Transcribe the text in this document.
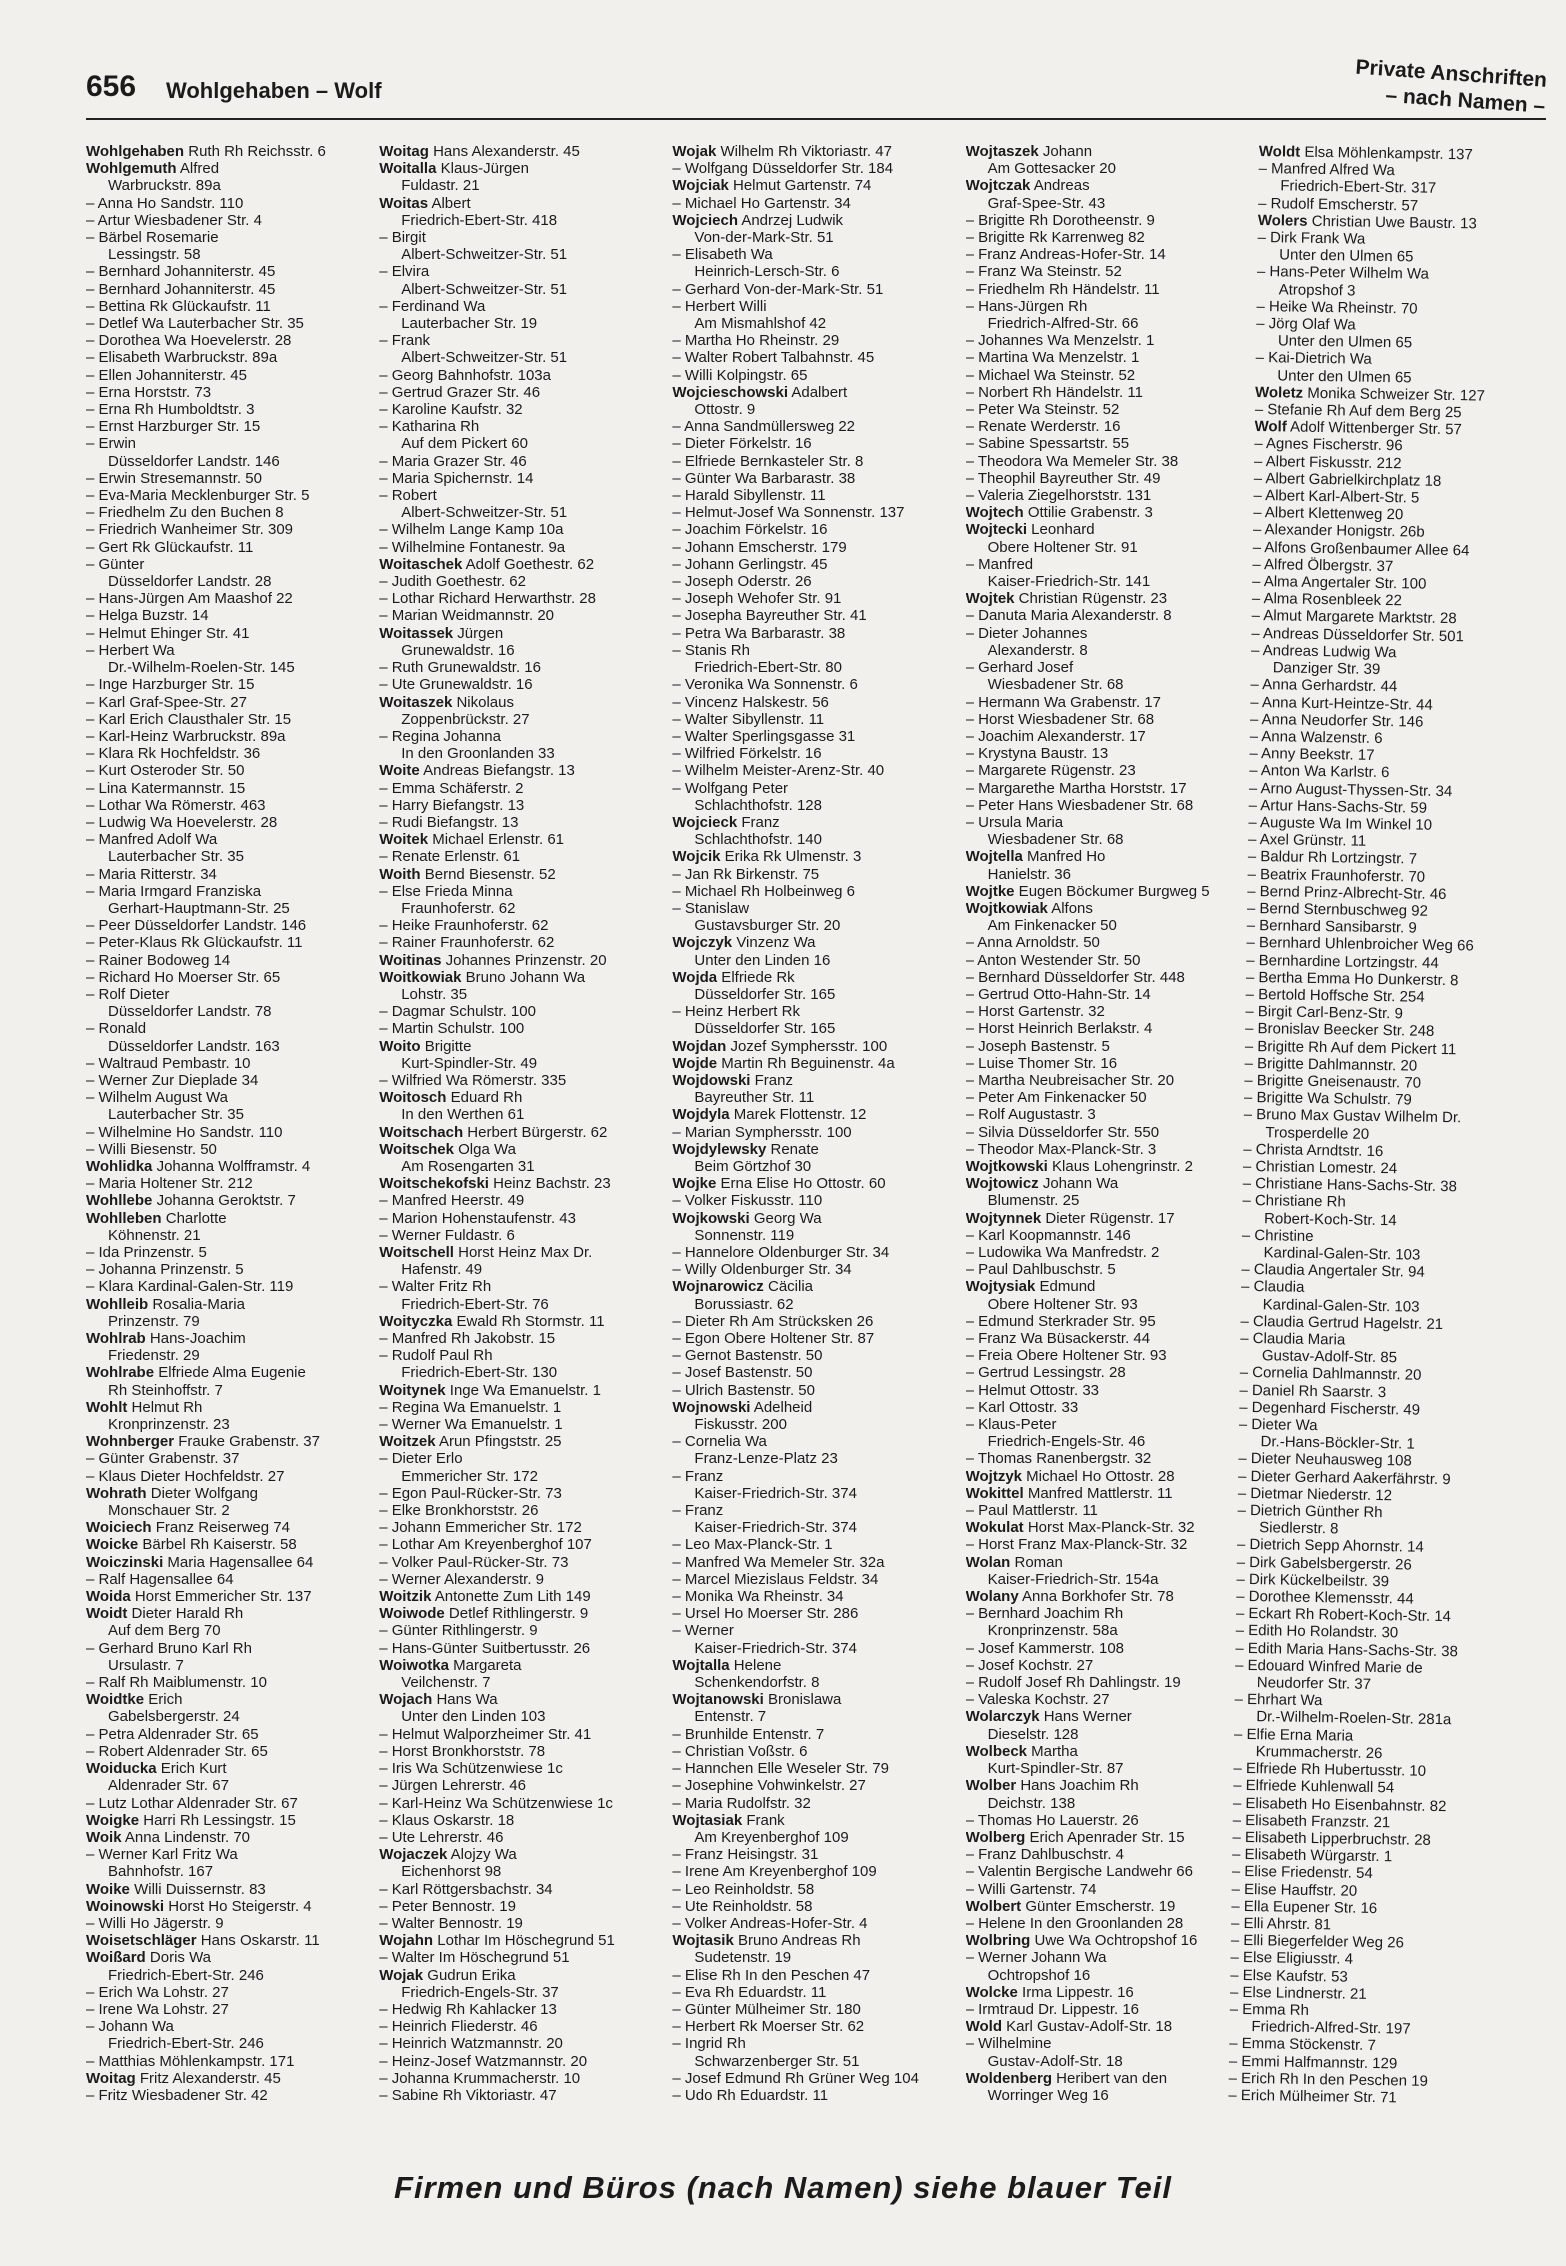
656 Wohlgehaben – Wolf	Private Anschriften
– nach Namen –
Wohlgehaben Ruth Rh Reichsstr. 6
Wohlgemuth Alfred
Warbruckstr. 89a
– Anna Ho Sandstr. 110
– Artur Wiesbadener Str. 4
– Bärbel Rosemarie
Lessingstr. 58
– Bernhard Johanniterstr. 45
– Bernhard Johanniterstr. 45
– Bettina Rk Glückaufstr. 11
– Detlef Wa Lauterbacher Str. 35
– Dorothea Wa Hoevelerstr. 28
– Elisabeth Warbruckstr. 89a
– Ellen Johanniterstr. 45
– Erna Horststr. 73
– Erna Rh Humboldtstr. 3
– Ernst Harzburger Str. 15
– Erwin
Düsseldorfer Landstr. 146
– Erwin Stresemannstr. 50
– Eva-Maria Mecklenburger Str. 5
– Friedhelm Zu den Buchen 8
– Friedrich Wanheimer Str. 309
– Gert Rk Glückaufstr. 11
– Günter
Düsseldorfer Landstr. 28
– Hans-Jürgen Am Maashof 22
– Helga Buzstr. 14
– Helmut Ehinger Str. 41
– Herbert Wa
Dr.-Wilhelm-Roelen-Str. 145
– Inge Harzburger Str. 15
– Karl Graf-Spee-Str. 27
– Karl Erich Clausthaler Str. 15
– Karl-Heinz Warbruckstr. 89a
– Klara Rk Hochfeldstr. 36
– Kurt Osteroder Str. 50
– Lina Katermannstr. 15
– Lothar Wa Römerstr. 463
– Ludwig Wa Hoevelerstr. 28
– Manfred Adolf Wa
Lauterbacher Str. 35
– Maria Ritterstr. 34
– Maria Irmgard Franziska
Gerhart-Hauptmann-Str. 25
– Peer Düsseldorfer Landstr. 146
– Peter-Klaus Rk Glückaufstr. 11
– Rainer Bodoweg 14
– Richard Ho Moerser Str. 65
– Rolf Dieter
Düsseldorfer Landstr. 78
– Ronald
Düsseldorfer Landstr. 163
– Waltraud Pembastr. 10
– Werner Zur Dieplade 34
– Wilhelm August Wa
Lauterbacher Str. 35
– Wilhelmine Ho Sandstr. 110
– Willi Biesenstr. 50
Wohlidka Johanna Wolfframstr. 4
– Maria Holtener Str. 212
Wohllebe Johanna Geroktstr. 7
Wohlleben Charlotte
Köhnenstr. 21
– Ida Prinzenstr. 5
– Johanna Prinzenstr. 5
– Klara Kardinal-Galen-Str. 119
Wohlleib Rosalia-Maria
Prinzenstr. 79
Wohlrab Hans-Joachim
Friedenstr. 29
Wohlrabe Elfriede Alma Eugenie
Rh Steinhoffstr. 7
Wohlt Helmut Rh
Kronprinzenstr. 23
Wohnberger Frauke Grabenstr. 37
– Günter Grabenstr. 37
– Klaus Dieter Hochfeldstr. 27
Wohrath Dieter Wolfgang
Monschauer Str. 2
Woiciech Franz Reiserweg 74
Woicke Bärbel Rh Kaiserstr. 58
Woiczinski Maria Hagensallee 64
– Ralf Hagensallee 64
Woida Horst Emmericher Str. 137
Woidt Dieter Harald Rh
Auf dem Berg 70
– Gerhard Bruno Karl Rh
Ursulastr. 7
– Ralf Rh Maiblumenstr. 10
Woidtke Erich
Gabelsbergerstr. 24
– Petra Aldenrader Str. 65
– Robert Aldenrader Str. 65
Woiducka Erich Kurt
Aldenrader Str. 67
– Lutz Lothar Aldenrader Str. 67
Woigke Harri Rh Lessingstr. 15
Woik Anna Lindenstr. 70
– Werner Karl Fritz Wa
Bahnhofstr. 167
Woike Willi Duissernstr. 83
Woinowski Horst Ho Steigerstr. 4
– Willi Ho Jägerstr. 9
Woisetschläger Hans Oskarstr. 11
Woißard Doris Wa
Friedrich-Ebert-Str. 246
– Erich Wa Lohstr. 27
– Irene Wa Lohstr. 27
– Johann Wa
Friedrich-Ebert-Str. 246
– Matthias Möhlenkampstr. 171
Woitag Fritz Alexanderstr. 45
– Fritz Wiesbadener Str. 42
Woitag Hans Alexanderstr. 45
Woitalla Klaus-Jürgen
Fuldastr. 21
Woitas Albert
Friedrich-Ebert-Str. 418
– Birgit
Albert-Schweitzer-Str. 51
– Elvira
Albert-Schweitzer-Str. 51
– Ferdinand Wa
Lauterbacher Str. 19
– Frank
Albert-Schweitzer-Str. 51
– Georg Bahnhofstr. 103a
– Gertrud Grazer Str. 46
– Karoline Kaufstr. 32
– Katharina Rh
Auf dem Pickert 60
– Maria Grazer Str. 46
– Maria Spichernstr. 14
– Robert
Albert-Schweitzer-Str. 51
– Wilhelm Lange Kamp 10a
– Wilhelmine Fontanestr. 9a
Woitaschek Adolf Goethestr. 62
– Judith Goethestr. 62
– Lothar Richard Herwarthstr. 28
– Marian Weidmannstr. 20
Woitassek Jürgen
Grunewaldstr. 16
– Ruth Grunewaldstr. 16
– Ute Grunewaldstr. 16
Woitaszek Nikolaus
Zoppenbrückstr. 27
– Regina Johanna
In den Groonlanden 33
Woite Andreas Biefangstr. 13
– Emma Schäferstr. 2
– Harry Biefangstr. 13
– Rudi Biefangstr. 13
Woitek Michael Erlenstr. 61
– Renate Erlenstr. 61
Woith Bernd Biesenstr. 52
– Else Frieda Minna
Fraunhoferstr. 62
– Heike Fraunhoferstr. 62
– Rainer Fraunhoferstr. 62
Woitinas Johannes Prinzenstr. 20
Woitkowiak Bruno Johann Wa
Lohstr. 35
– Dagmar Schulstr. 100
– Martin Schulstr. 100
Woito Brigitte
Kurt-Spindler-Str. 49
– Wilfried Wa Römerstr. 335
Woitosch Eduard Rh
In den Werthen 61
Woitschach Herbert Bürgerstr. 62
Woitschek Olga Wa
Am Rosengarten 31
Woitschekofski Heinz Bachstr. 23
– Manfred Heerstr. 49
– Marion Hohenstaufenstr. 43
– Werner Fuldastr. 6
Woitschell Horst Heinz Max Dr.
Hafenstr. 49
– Walter Fritz Rh
Friedrich-Ebert-Str. 76
Woityczka Ewald Rh Stormstr. 11
– Manfred Rh Jakobstr. 15
– Rudolf Paul Rh
Friedrich-Ebert-Str. 130
Woitynek Inge Wa Emanuelstr. 1
– Regina Wa Emanuelstr. 1
– Werner Wa Emanuelstr. 1
Woitzek Arun Pfingststr. 25
– Dieter Erlo
Emmericher Str. 172
– Egon Paul-Rücker-Str. 73
– Elke Bronkhorststr. 26
– Johann Emmericher Str. 172
– Lothar Am Kreyenberghof 107
– Volker Paul-Rücker-Str. 73
– Werner Alexanderstr. 9
Woitzik Antonette Zum Lith 149
Woiwode Detlef Rithlingerstr. 9
– Günter Rithlingerstr. 9
– Hans-Günter Suitbertusstr. 26
Woiwotka Margareta
Veilchenstr. 7
Wojach Hans Wa
Unter den Linden 103
– Helmut Walporzheimer Str. 41
– Horst Bronkhorststr. 78
– Iris Wa Schützenwiese 1c
– Jürgen Lehrerstr. 46
– Karl-Heinz Wa Schützenwiese 1c
– Klaus Oskarstr. 18
– Ute Lehrerstr. 46
Wojaczek Alojzy Wa
Eichenhorst 98
– Karl Röttgersbachstr. 34
– Peter Bennostr. 19
– Walter Bennostr. 19
Wojahn Lothar Im Höschegrund 51
– Walter Im Höschegrund 51
Wojak Gudrun Erika
Friedrich-Engels-Str. 37
– Hedwig Rh Kahlacker 13
– Heinrich Fliederstr. 46
– Heinrich Watzmannstr. 20
– Heinz-Josef Watzmannstr. 20
– Johanna Krummacherstr. 10
– Sabine Rh Viktoriastr. 47
Wojak Wilhelm Rh Viktoriastr. 47
– Wolfgang Düsseldorfer Str. 184
Wojciak Helmut Gartenstr. 74
– Michael Ho Gartenstr. 34
Wojciech Andrzej Ludwik
Von-der-Mark-Str. 51
– Elisabeth Wa
Heinrich-Lersch-Str. 6
– Gerhard Von-der-Mark-Str. 51
– Herbert Willi
Am Mismahlshof 42
– Martha Ho Rheinstr. 29
– Walter Robert Talbahnstr. 45
– Willi Kolpingstr. 65
Wojcieschowski Adalbert
Ottostr. 9
– Anna Sandmüllersweg 22
– Dieter Förkelstr. 16
– Elfriede Bernkasteler Str. 8
– Günter Wa Barbarastr. 38
– Harald Sibyllenstr. 11
– Helmut-Josef Wa Sonnenstr. 137
– Joachim Förkelstr. 16
– Johann Emscherstr. 179
– Johann Gerlingstr. 45
– Joseph Oderstr. 26
– Joseph Wehofer Str. 91
– Josepha Bayreuther Str. 41
– Petra Wa Barbarastr. 38
– Stanis Rh
Friedrich-Ebert-Str. 80
– Veronika Wa Sonnenstr. 6
– Vincenz Halskestr. 56
– Walter Sibyllenstr. 11
– Walter Sperlingsgasse 31
– Wilfried Förkelstr. 16
– Wilhelm Meister-Arenz-Str. 40
– Wolfgang Peter
Schlachthofstr. 128
Wojcieck Franz
Schlachthofstr. 140
Wojcik Erika Rk Ulmenstr. 3
– Jan Rk Birkenstr. 75
– Michael Rh Holbeinweg 6
– Stanislaw
Gustavsburger Str. 20
Wojczyk Vinzenz Wa
Unter den Linden 16
Wojda Elfriede Rk
Düsseldorfer Str. 165
– Heinz Herbert Rk
Düsseldorfer Str. 165
Wojdan Jozef Symphersstr. 100
Wojde Martin Rh Beguinenstr. 4a
Wojdowski Franz
Bayreuther Str. 11
Wojdyla Marek Flottenstr. 12
– Marian Symphersstr. 100
Wojdylewsky Renate
Beim Görtzhof 30
Wojke Erna Elise Ho Ottostr. 60
– Volker Fiskusstr. 110
Wojkowski Georg Wa
Sonnenstr. 119
– Hannelore Oldenburger Str. 34
– Willy Oldenburger Str. 34
Wojnarowicz Cäcilia
Borussiastr. 62
– Dieter Rh Am Strücksken 26
– Egon Obere Holtener Str. 87
– Gernot Bastenstr. 50
– Josef Bastenstr. 50
– Ulrich Bastenstr. 50
Wojnowski Adelheid
Fiskusstr. 200
– Cornelia Wa
Franz-Lenze-Platz 23
– Franz
Kaiser-Friedrich-Str. 374
– Franz
Kaiser-Friedrich-Str. 374
– Leo Max-Planck-Str. 1
– Manfred Wa Memeler Str. 32a
– Marcel Miezislaus Feldstr. 34
– Monika Wa Rheinstr. 34
– Ursel Ho Moerser Str. 286
– Werner
Kaiser-Friedrich-Str. 374
Wojtalla Helene
Schenkendorfstr. 8
Wojtanowski Bronislawa
Entenstr. 7
– Brunhilde Entenstr. 7
– Christian Voßstr. 6
– Hannchen Elle Weseler Str. 79
– Josephine Vohwinkelstr. 27
– Maria Rudolfstr. 32
Wojtasiak Frank
Am Kreyenberghof 109
– Franz Heisingstr. 31
– Irene Am Kreyenberghof 109
– Leo Reinholdstr. 58
– Ute Reinholdstr. 58
– Volker Andreas-Hofer-Str. 4
Wojtasik Bruno Andreas Rh
Sudetenstr. 19
– Elise Rh In den Peschen 47
– Eva Rh Eduardstr. 11
– Günter Mülheimer Str. 180
– Herbert Rk Moerser Str. 62
– Ingrid Rh
Schwarzenberger Str. 51
– Josef Edmund Rh Grüner Weg 104
– Udo Rh Eduardstr. 11
Wojtaszek Johann
Am Gottesacker 20
Wojtczak Andreas
Graf-Spee-Str. 43
– Brigitte Rh Dorotheenstr. 9
– Brigitte Rk Karrenweg 82
– Franz Andreas-Hofer-Str. 14
– Franz Wa Steinstr. 52
– Friedhelm Rh Händelstr. 11
– Hans-Jürgen Rh
Friedrich-Alfred-Str. 66
– Johannes Wa Menzelstr. 1
– Martina Wa Menzelstr. 1
– Michael Wa Steinstr. 52
– Norbert Rh Händelstr. 11
– Peter Wa Steinstr. 52
– Renate Werderstr. 16
– Sabine Spessartstr. 55
– Theodora Wa Memeler Str. 38
– Theophil Bayreuther Str. 49
– Valeria Ziegelhorststr. 131
Wojtech Ottilie Grabenstr. 3
Wojtecki Leonhard
Obere Holtener Str. 91
– Manfred
Kaiser-Friedrich-Str. 141
Wojtek Christian Rügenstr. 23
– Danuta Maria Alexanderstr. 8
– Dieter Johannes
Alexanderstr. 8
– Gerhard Josef
Wiesbadener Str. 68
– Hermann Wa Grabenstr. 17
– Horst Wiesbadener Str. 68
– Joachim Alexanderstr. 17
– Krystyna Baustr. 13
– Margarete Rügenstr. 23
– Margarethe Martha Horststr. 17
– Peter Hans Wiesbadener Str. 68
– Ursula Maria
Wiesbadener Str. 68
Wojtella Manfred Ho
Hanielstr. 36
Wojtke Eugen Böckumer Burgweg 5
Wojtkowiak Alfons
Am Finkenacker 50
– Anna Arnoldstr. 50
– Anton Westender Str. 50
– Bernhard Düsseldorfer Str. 448
– Gertrud Otto-Hahn-Str. 14
– Horst Gartenstr. 32
– Horst Heinrich Berlakstr. 4
– Joseph Bastenstr. 5
– Luise Thomer Str. 16
– Martha Neubreisacher Str. 20
– Peter Am Finkenacker 50
– Rolf Augustastr. 3
– Silvia Düsseldorfer Str. 550
– Theodor Max-Planck-Str. 3
Wojtkowski Klaus Lohengrinstr. 2
Wojtowicz Johann Wa
Blumenstr. 25
Wojtynnek Dieter Rügenstr. 17
– Karl Koopmannstr. 146
– Ludowika Wa Manfredstr. 2
– Paul Dahlbuschstr. 5
Wojtysiak Edmund
Obere Holtener Str. 93
– Edmund Sterkrader Str. 95
– Franz Wa Büsackerstr. 44
– Freia Obere Holtener Str. 93
– Gertrud Lessingstr. 28
– Helmut Ottostr. 33
– Karl Ottostr. 33
– Klaus-Peter
Friedrich-Engels-Str. 46
– Thomas Ranenbergstr. 32
Wojtzyk Michael Ho Ottostr. 28
Wokittel Manfred Mattlerstr. 11
– Paul Mattlerstr. 11
Wokulat Horst Max-Planck-Str. 32
– Horst Franz Max-Planck-Str. 32
Wolan Roman
Kaiser-Friedrich-Str. 154a
Wolany Anna Borkhofer Str. 78
– Bernhard Joachim Rh
Kronprinzenstr. 58a
– Josef Kammerstr. 108
– Josef Kochstr. 27
– Rudolf Josef Rh Dahlingstr. 19
– Valeska Kochstr. 27
Wolarczyk Hans Werner
Dieselstr. 128
Wolbeck Martha
Kurt-Spindler-Str. 87
Wolber Hans Joachim Rh
Deichstr. 138
– Thomas Ho Lauerstr. 26
Wolberg Erich Apenrader Str. 15
– Franz Dahlbuschstr. 4
– Valentin Bergische Landwehr 66
– Willi Gartenstr. 74
Wolbert Günter Emscherstr. 19
– Helene In den Groonlanden 28
Wolbring Uwe Wa Ochtropshof 16
– Werner Johann Wa
Ochtropshof 16
Wolcke Irma Lippestr. 16
– Irmtraud Dr. Lippestr. 16
Wold Karl Gustav-Adolf-Str. 18
– Wilhelmine
Gustav-Adolf-Str. 18
Woldenberg Heribert van den
Worringer Weg 16
Woldt Elsa Möhlenkampstr. 137
– Manfred Alfred Wa
Friedrich-Ebert-Str. 317
– Rudolf Emscherstr. 57
Wolers Christian Uwe Baustr. 13
– Dirk Frank Wa
Unter den Ulmen 65
– Hans-Peter Wilhelm Wa
Atropshof 3
– Heike Wa Rheinstr. 70
– Jörg Olaf Wa
Unter den Ulmen 65
– Kai-Dietrich Wa
Unter den Ulmen 65
Woletz Monika Schweizer Str. 127
– Stefanie Rh Auf dem Berg 25
Wolf Adolf Wittenberger Str. 57
– Agnes Fischerstr. 96
– Albert Fiskusstr. 212
– Albert Gabrielkirchplatz 18
– Albert Karl-Albert-Str. 5
– Albert Klettenweg 20
– Alexander Honigstr. 26b
– Alfons Großenbaumer Allee 64
– Alfred Ölbergstr. 37
– Alma Angertaler Str. 100
– Alma Rosenbleek 22
– Almut Margarete Marktstr. 28
– Andreas Düsseldorfer Str. 501
– Andreas Ludwig Wa
Danziger Str. 39
– Anna Gerhardstr. 44
– Anna Kurt-Heintze-Str. 44
– Anna Neudorfer Str. 146
– Anna Walzenstr. 6
– Anny Beekstr. 17
– Anton Wa Karlstr. 6
– Arno August-Thyssen-Str. 34
– Artur Hans-Sachs-Str. 59
– Auguste Wa Im Winkel 10
– Axel Grünstr. 11
– Baldur Rh Lortzingstr. 7
– Beatrix Fraunhoferstr. 70
– Bernd Prinz-Albrecht-Str. 46
– Bernd Sternbuschweg 92
– Bernhard Sansibarstr. 9
– Bernhard Uhlenbroicher Weg 66
– Bernhardine Lortzingstr. 44
– Bertha Emma Ho Dunkerstr. 8
– Bertold Hoffsche Str. 254
– Birgit Carl-Benz-Str. 9
– Bronislav Beecker Str. 248
– Brigitte Rh Auf dem Pickert 11
– Brigitte Dahlmannstr. 20
– Brigitte Gneisenaustr. 70
– Brigitte Wa Schulstr. 79
– Bruno Max Gustav Wilhelm Dr.
Trosperdelle 20
– Christa Arndtstr. 16
– Christian Lomestr. 24
– Christiane Hans-Sachs-Str. 38
– Christiane Rh
Robert-Koch-Str. 14
– Christine
Kardinal-Galen-Str. 103
– Claudia Angertaler Str. 94
– Claudia
Kardinal-Galen-Str. 103
– Claudia Gertrud Hagelstr. 21
– Claudia Maria
Gustav-Adolf-Str. 85
– Cornelia Dahlmannstr. 20
– Daniel Rh Saarstr. 3
– Degenhard Fischerstr. 49
– Dieter Wa
Dr.-Hans-Böckler-Str. 1
– Dieter Neuhausweg 108
– Dieter Gerhard Aakerfährstr. 9
– Dietmar Niederstr. 12
– Dietrich Günther Rh
Siedlerstr. 8
– Dietrich Sepp Ahornstr. 14
– Dirk Gabelsbergerstr. 26
– Dirk Kückelbeilstr. 39
– Dorothee Klemensstr. 44
– Eckart Rh Robert-Koch-Str. 14
– Edith Ho Rolandstr. 30
– Edith Maria Hans-Sachs-Str. 38
– Edouard Winfred Marie de
Neudorfer Str. 37
– Ehrhart Wa
Dr.-Wilhelm-Roelen-Str. 281a
– Elfie Erna Maria
Krummacherstr. 26
– Elfriede Rh Hubertusstr. 10
– Elfriede Kuhlenwall 54
– Elisabeth Ho Eisenbahnstr. 82
– Elisabeth Franzstr. 21
– Elisabeth Lipperbruchstr. 28
– Elisabeth Würgarstr. 1
– Elise Friedenstr. 54
– Elise Hauffstr. 20
– Ella Eupener Str. 16
– Elli Ahrstr. 81
– Elli Biegerfelder Weg 26
– Else Eligiusstr. 4
– Else Kaufstr. 53
– Else Lindnerstr. 21
– Emma Rh
Friedrich-Alfred-Str. 197
– Emma Stöckenstr. 7
– Emmi Halfmannstr. 129
– Erich Rh In den Peschen 19
– Erich Mülheimer Str. 71
Firmen und Büros (nach Namen) siehe blauer Teil
